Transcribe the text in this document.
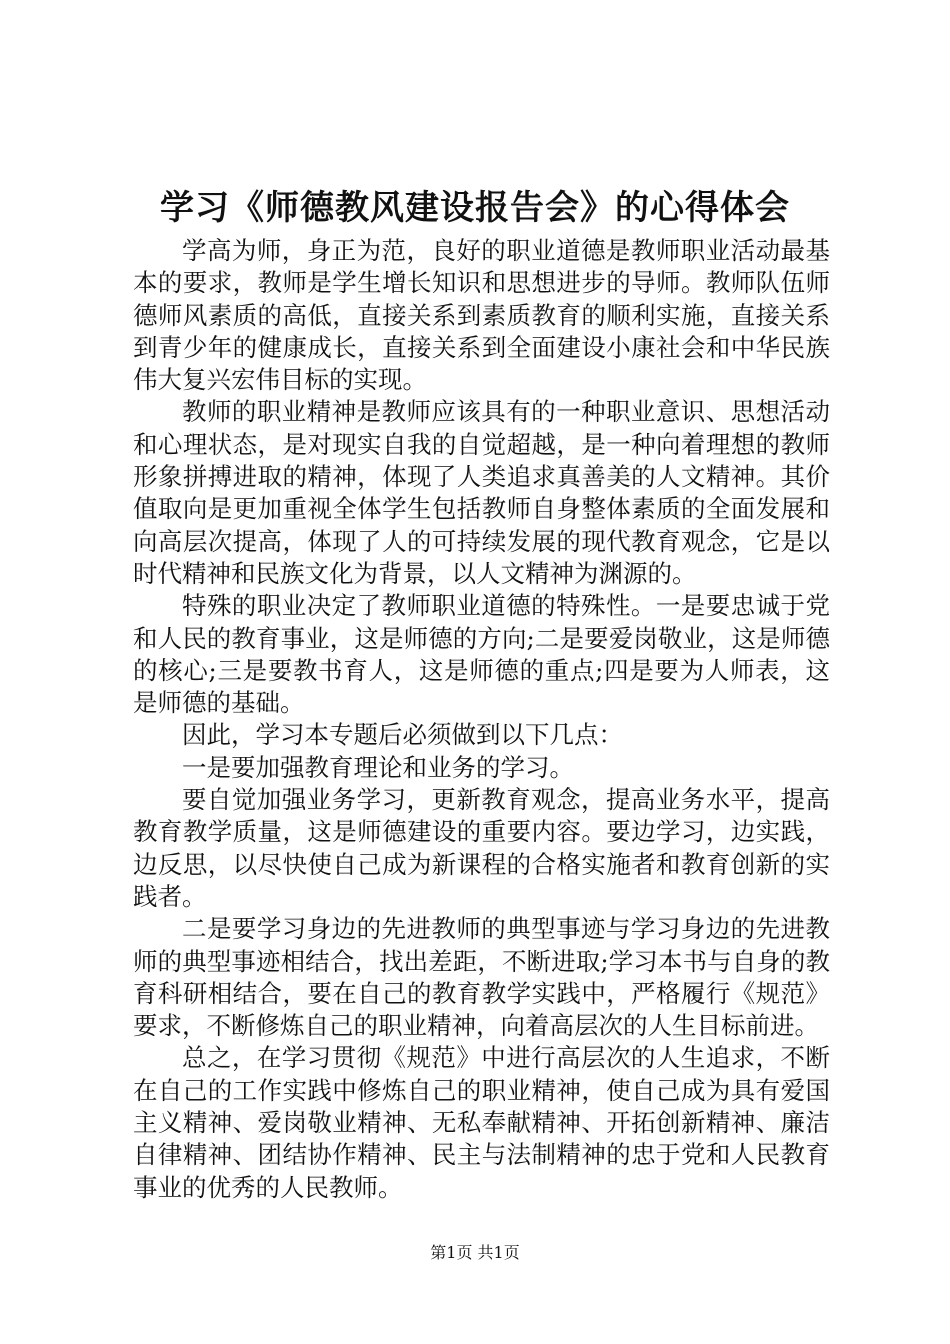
学习《师德教风建设报告会》的心得体会

学高为师，身正为范，良好的职业道德是教师职业活动最基本的要求，教师是学生增长知识和思想进步的导师。教师队伍师德师风素质的高低，直接关系到素质教育的顺利实施，直接关系到青少年的健康成长，直接关系到全面建设小康社会和中华民族伟大复兴宏伟目标的实现。

教师的职业精神是教师应该具有的一种职业意识、思想活动和心理状态，是对现实自我的自觉超越，是一种向着理想的教师形象拼搏进取的精神，体现了人类追求真善美的人文精神。其价值取向是更加重视全体学生包括教师自身整体素质的全面发展和向高层次提高，体现了人的可持续发展的现代教育观念，它是以时代精神和民族文化为背景，以人文精神为渊源的。

特殊的职业决定了教师职业道德的特殊性。一是要忠诚于党和人民的教育事业，这是师德的方向;二是要爱岗敬业，这是师德的核心;三是要教书育人，这是师德的重点;四是要为人师表，这是师德的基础。

因此，学习本专题后必须做到以下几点：

一是要加强教育理论和业务的学习。

要自觉加强业务学习，更新教育观念，提高业务水平，提高教育教学质量，这是师德建设的重要内容。要边学习，边实践，边反思，以尽快使自己成为新课程的合格实施者和教育创新的实践者。

二是要学习身边的先进教师的典型事迹与学习身边的先进教师的典型事迹相结合，找出差距，不断进取;学习本书与自身的教育科研相结合，要在自己的教育教学实践中，严格履行《规范》要求，不断修炼自己的职业精神，向着高层次的人生目标前进。

总之，在学习贯彻《规范》中进行高层次的人生追求，不断在自己的工作实践中修炼自己的职业精神，使自己成为具有爱国主义精神、爱岗敬业精神、无私奉献精神、开拓创新精神、廉洁自律精神、团结协作精神、民主与法制精神的忠于党和人民教育事业的优秀的人民教师。

第1页 共1页
